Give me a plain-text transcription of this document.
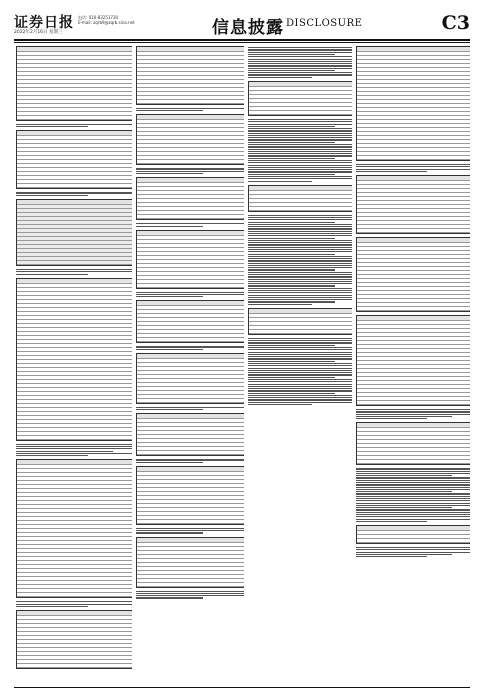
证券日报 电话: 010-83251730
E-mail: zqrb9@zqrb.sina.net
2022年2月16日 星期三	信息披露 DISCLOSURE	C3
